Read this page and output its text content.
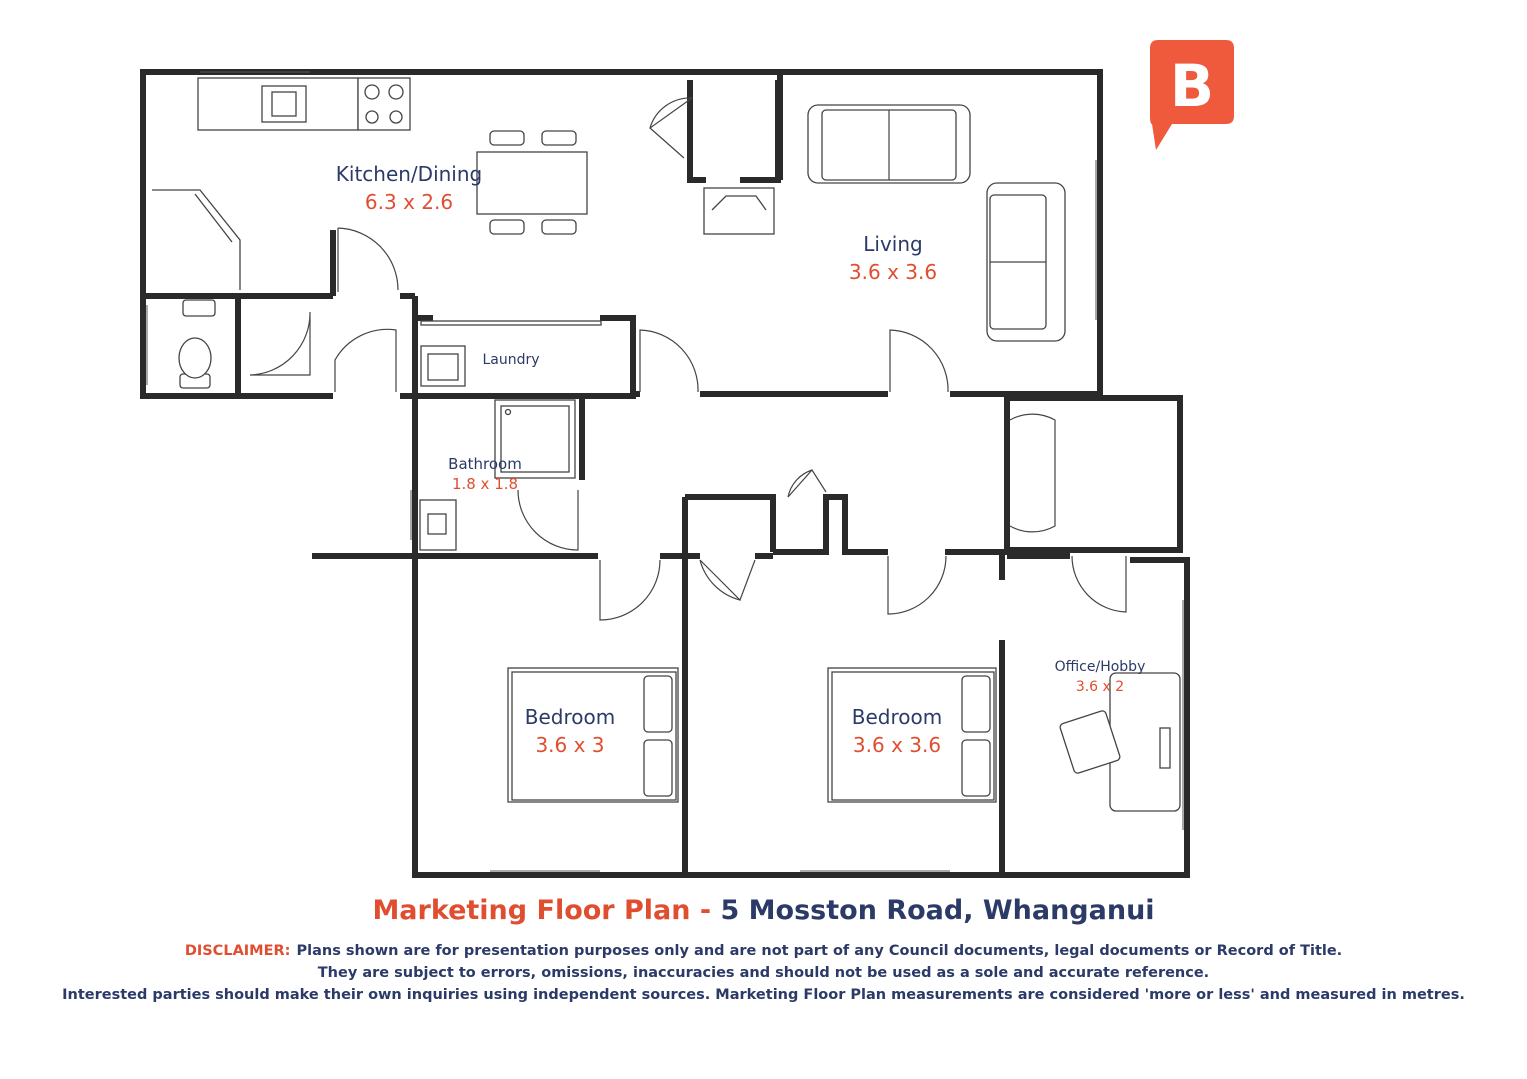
B
Kitchen/Dining
6.3 x 2.6
Living
3.6 x 3.6
Laundry
Bathroom
1.8 x 1.8
Bedroom
3.6 x 3
Bedroom
3.6 x 3.6
Office/Hobby
3.6 x 2
Marketing Floor Plan - 5 Mosston Road, Whanganui
DISCLAIMER: Plans shown are for presentation purposes only and are not part of any Council documents, legal documents or Record of Title.
They are subject to errors, omissions, inaccuracies and should not be used as a sole and accurate reference.
Interested parties should make their own inquiries using independent sources. Marketing Floor Plan measurements are considered 'more or less' and measured in metres.
